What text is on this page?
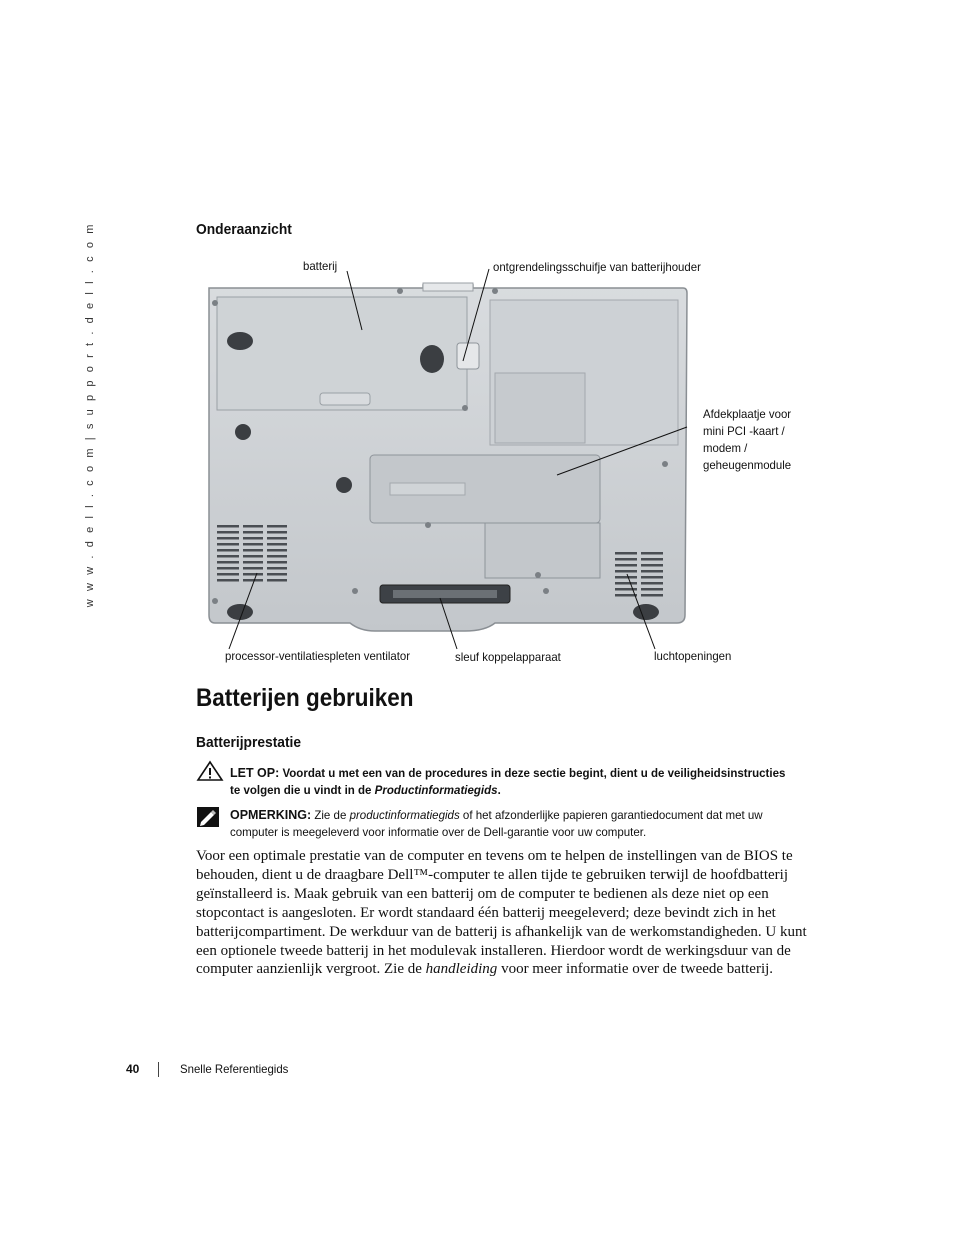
w w w . d e l l . c o m | s u p p o r t . d e l l . c o m	Onderaanzicht
batterij	ontgrendelingsschuifje van batterijhouder
Afdekplaatje voor
mini PCI -kaart /
modem /
geheugenmodule
processor-ventilatiespleten ventilator	sleuf koppelapparaat	luchtopeningen
Batterijen gebruiken
Batterijprestatie
LET OP: Voordat u met een van de procedures in deze sectie begint, dient u de veiligheidsinstructies te volgen die u vindt in de Productinformatiegids.
OPMERKING: Zie de productinformatiegids of het afzonderlijke papieren garantiedocument dat met uw computer is meegeleverd voor informatie over de Dell-garantie voor uw computer.
Voor een optimale prestatie van de computer en tevens om te helpen de instellingen van de BIOS te behouden, dient u de draagbare Dell™-computer te allen tijde te gebruiken terwijl de hoofdbatterij geïnstalleerd is. Maak gebruik van een batterij om de computer te bedienen als deze niet op een stopcontact is aangesloten. Er wordt standaard één batterij meegeleverd; deze bevindt zich in het batterijcompartiment. De werkduur van de batterij is afhankelijk van de werkomstandigheden. U kunt een optionele tweede batterij in het modulevak installeren. Hierdoor wordt de werkingsduur van de computer aanzienlijk vergroot. Zie de handleiding voor meer informatie over de tweede batterij.
40	Snelle Referentiegids
